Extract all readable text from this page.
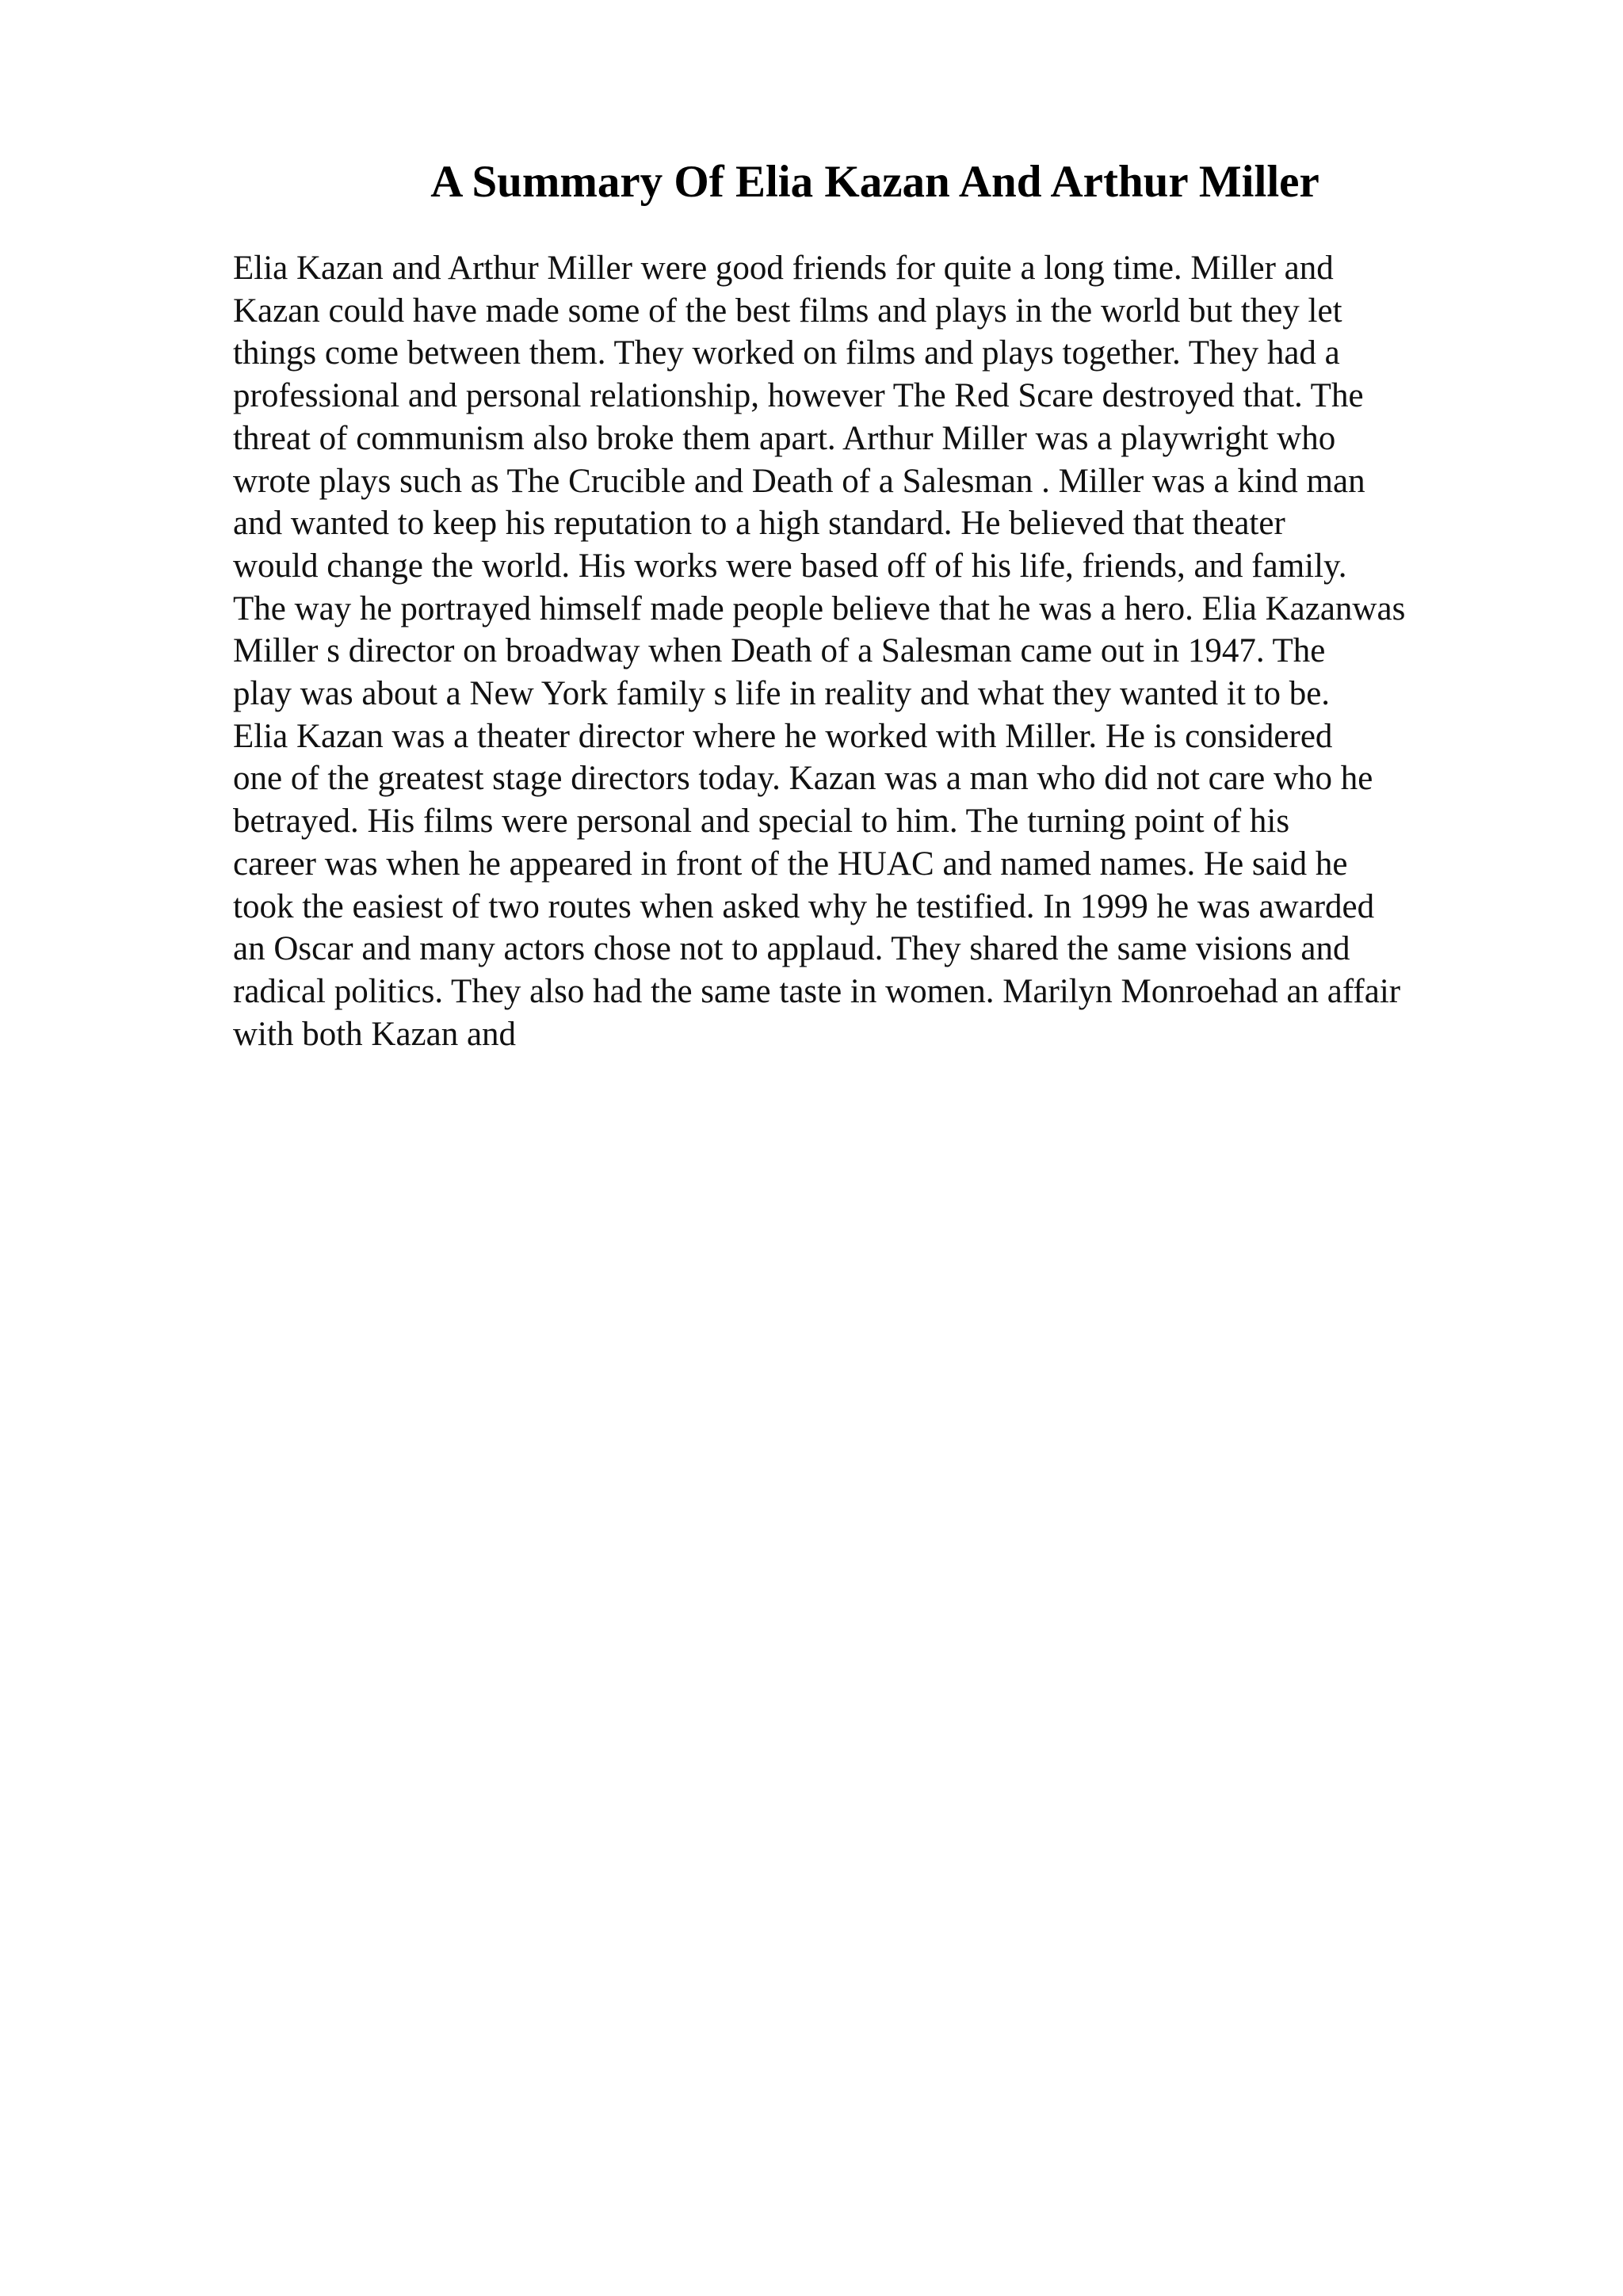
A Summary Of Elia Kazan And Arthur Miller
Elia Kazan and Arthur Miller were good friends for quite a long time. Miller and
Kazan could have made some of the best films and plays in the world but they let
things come between them. They worked on films and plays together. They had a
professional and personal relationship, however The Red Scare destroyed that. The
threat of communism also broke them apart. Arthur Miller was a playwright who
wrote plays such as The Crucible and Death of a Salesman . Miller was a kind man
and wanted to keep his reputation to a high standard. He believed that theater
would change the world. His works were based off of his life, friends, and family.
The way he portrayed himself made people believe that he was a hero. Elia Kazanwas
Miller s director on broadway when Death of a Salesman came out in 1947. The
play was about a New York family s life in reality and what they wanted it to be.
Elia Kazan was a theater director where he worked with Miller. He is considered
one of the greatest stage directors today. Kazan was a man who did not care who he
betrayed. His films were personal and special to him. The turning point of his
career was when he appeared in front of the HUAC and named names. He said he
took the easiest of two routes when asked why he testified. In 1999 he was awarded
an Oscar and many actors chose not to applaud. They shared the same visions and
radical politics. They also had the same taste in women. Marilyn Monroehad an affair
with both Kazan and
